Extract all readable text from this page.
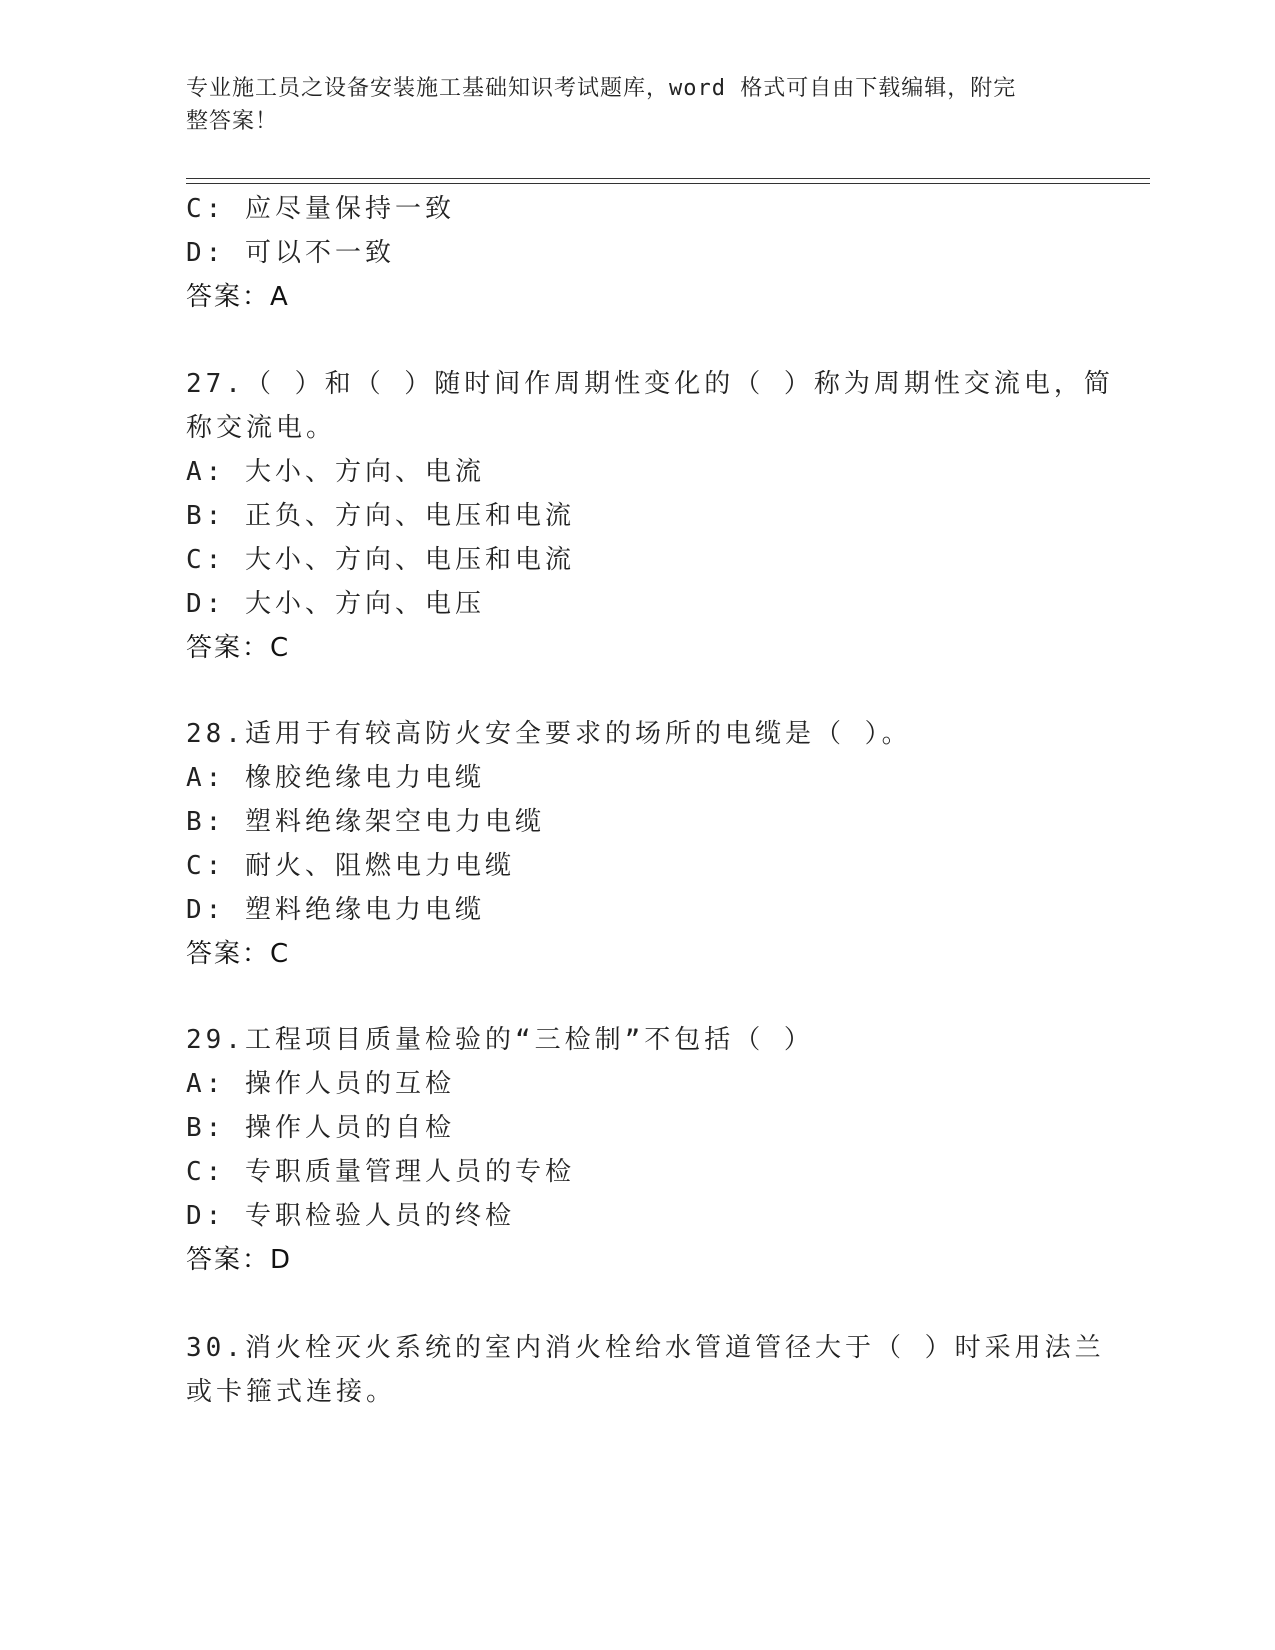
专业施工员之设备安装施工基础知识考试题库，word 格式可自由下载编辑，附完
整答案！
C: 应尽量保持一致
D: 可以不一致
答案：A
27.（ ）和（ ）随时间作周期性变化的（ ）称为周期性交流电，简
称交流电。
A: 大小、方向、电流
B: 正负、方向、电压和电流
C: 大小、方向、电压和电流
D: 大小、方向、电压
答案：C
28.适用于有较高防火安全要求的场所的电缆是（ ）。
A: 橡胶绝缘电力电缆
B: 塑料绝缘架空电力电缆
C: 耐火、阻燃电力电缆
D: 塑料绝缘电力电缆
答案：C
29.工程项目质量检验的“三检制”不包括（ ）
A: 操作人员的互检
B: 操作人员的自检
C: 专职质量管理人员的专检
D: 专职检验人员的终检
答案：D
30.消火栓灭火系统的室内消火栓给水管道管径大于（ ）时采用法兰
或卡箍式连接。
